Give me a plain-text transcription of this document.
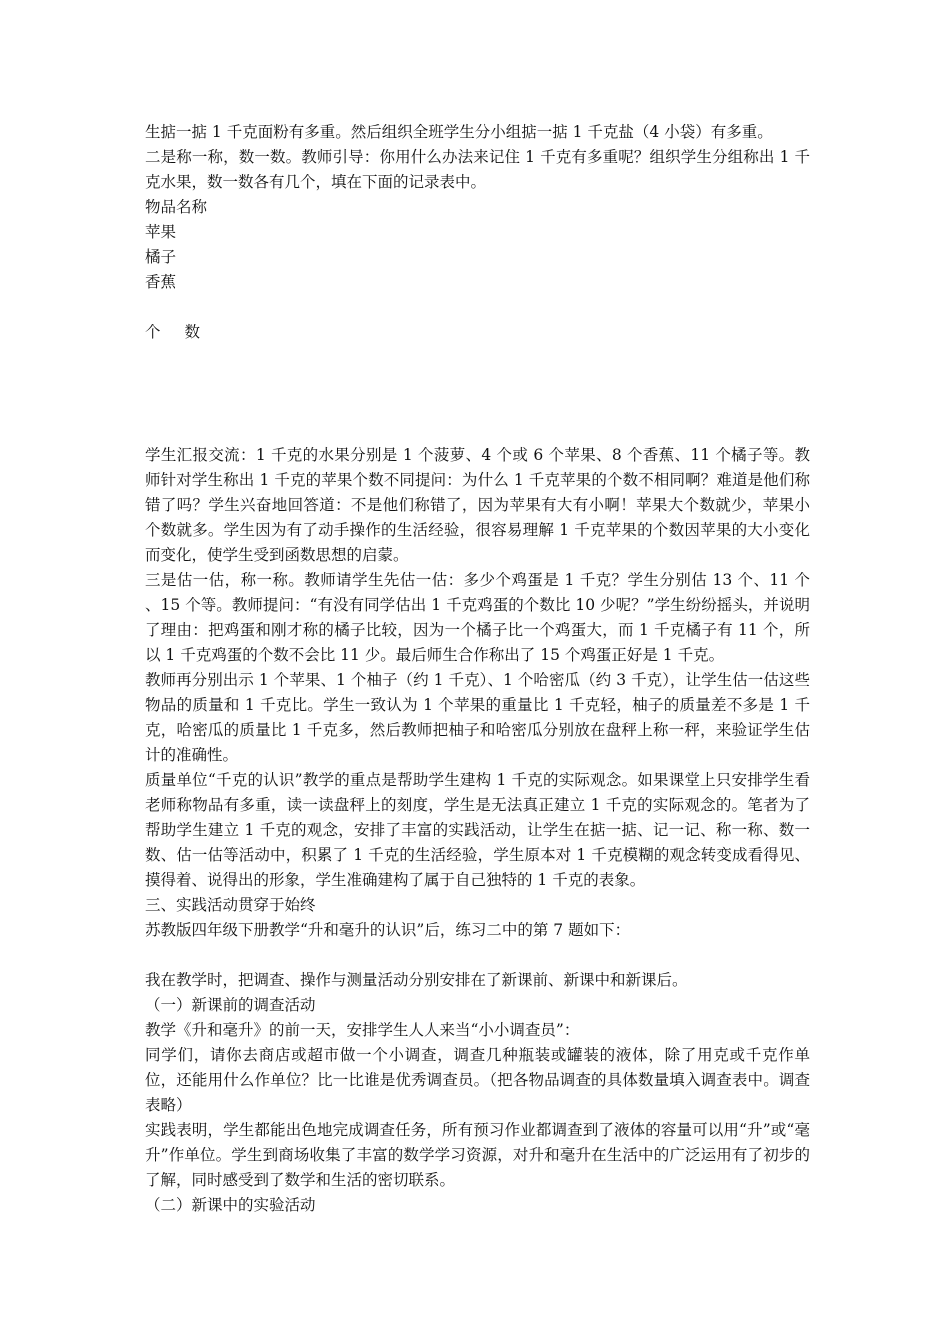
生掂一掂 1 千克面粉有多重。然后组织全班学生分小组掂一掂 1 千克盐（4 小袋）有多重。

二是称一称，数一数。教师引导：你用什么办法来记住 1 千克有多重呢？组织学生分组称出 1 千克水果，数一数各有几个，填在下面的记录表中。

物品名称

苹果

橘子

香蕉

个 数

学生汇报交流：1 千克的水果分别是 1 个菠萝、4 个或 6 个苹果、8 个香蕉、11 个橘子等。教师针对学生称出 1 千克的苹果个数不同提问：为什么 1 千克苹果的个数不相同啊？难道是他们称错了吗？学生兴奋地回答道：不是他们称错了，因为苹果有大有小啊！苹果大个数就少，苹果小个数就多。学生因为有了动手操作的生活经验，很容易理解 1 千克苹果的个数因苹果的大小变化而变化，使学生受到函数思想的启蒙。

三是估一估，称一称。教师请学生先估一估：多少个鸡蛋是 1 千克？学生分别估 13 个、11 个 、15 个等。教师提问：“有没有同学估出 1 千克鸡蛋的个数比 10 少呢？”学生纷纷摇头，并说明了理由：把鸡蛋和刚才称的橘子比较，因为一个橘子比一个鸡蛋大，而 1 千克橘子有 11 个，所以 1 千克鸡蛋的个数不会比 11 少。最后师生合作称出了 15 个鸡蛋正好是 1 千克。

教师再分别出示 1 个苹果、1 个柚子（约 1 千克）、1 个哈密瓜（约 3 千克），让学生估一估这些物品的质量和 1 千克比。学生一致认为 1 个苹果的重量比 1 千克轻，柚子的质量差不多是 1 千克，哈密瓜的质量比 1 千克多，然后教师把柚子和哈密瓜分别放在盘秤上称一秤，来验证学生估计的准确性。

质量单位“千克的认识”教学的重点是帮助学生建构 1 千克的实际观念。如果课堂上只安排学生看老师称物品有多重，读一读盘秤上的刻度，学生是无法真正建立 1 千克的实际观念的。笔者为了帮助学生建立 1 千克的观念，安排了丰富的实践活动，让学生在掂一掂、记一记、称一称、数一数、估一估等活动中，积累了 1 千克的生活经验，学生原本对 1 千克模糊的观念转变成看得见、摸得着、说得出的形象，学生准确建构了属于自己独特的 1 千克的表象。

三、实践活动贯穿于始终

苏教版四年级下册教学“升和毫升的认识”后，练习二中的第 7 题如下：

我在教学时，把调查、操作与测量活动分别安排在了新课前、新课中和新课后。

（一）新课前的调查活动

教学《升和毫升》的前一天，安排学生人人来当“小小调查员”：

同学们，请你去商店或超市做一个小调查，调查几种瓶装或罐装的液体，除了用克或千克作单位，还能用什么作单位？比一比谁是优秀调查员。（把各物品调查的具体数量填入调查表中。调查表略）

实践表明，学生都能出色地完成调查任务，所有预习作业都调查到了液体的容量可以用“升”或“毫升”作单位。学生到商场收集了丰富的数学学习资源，对升和毫升在生活中的广泛运用有了初步的了解，同时感受到了数学和生活的密切联系。

（二）新课中的实验活动
